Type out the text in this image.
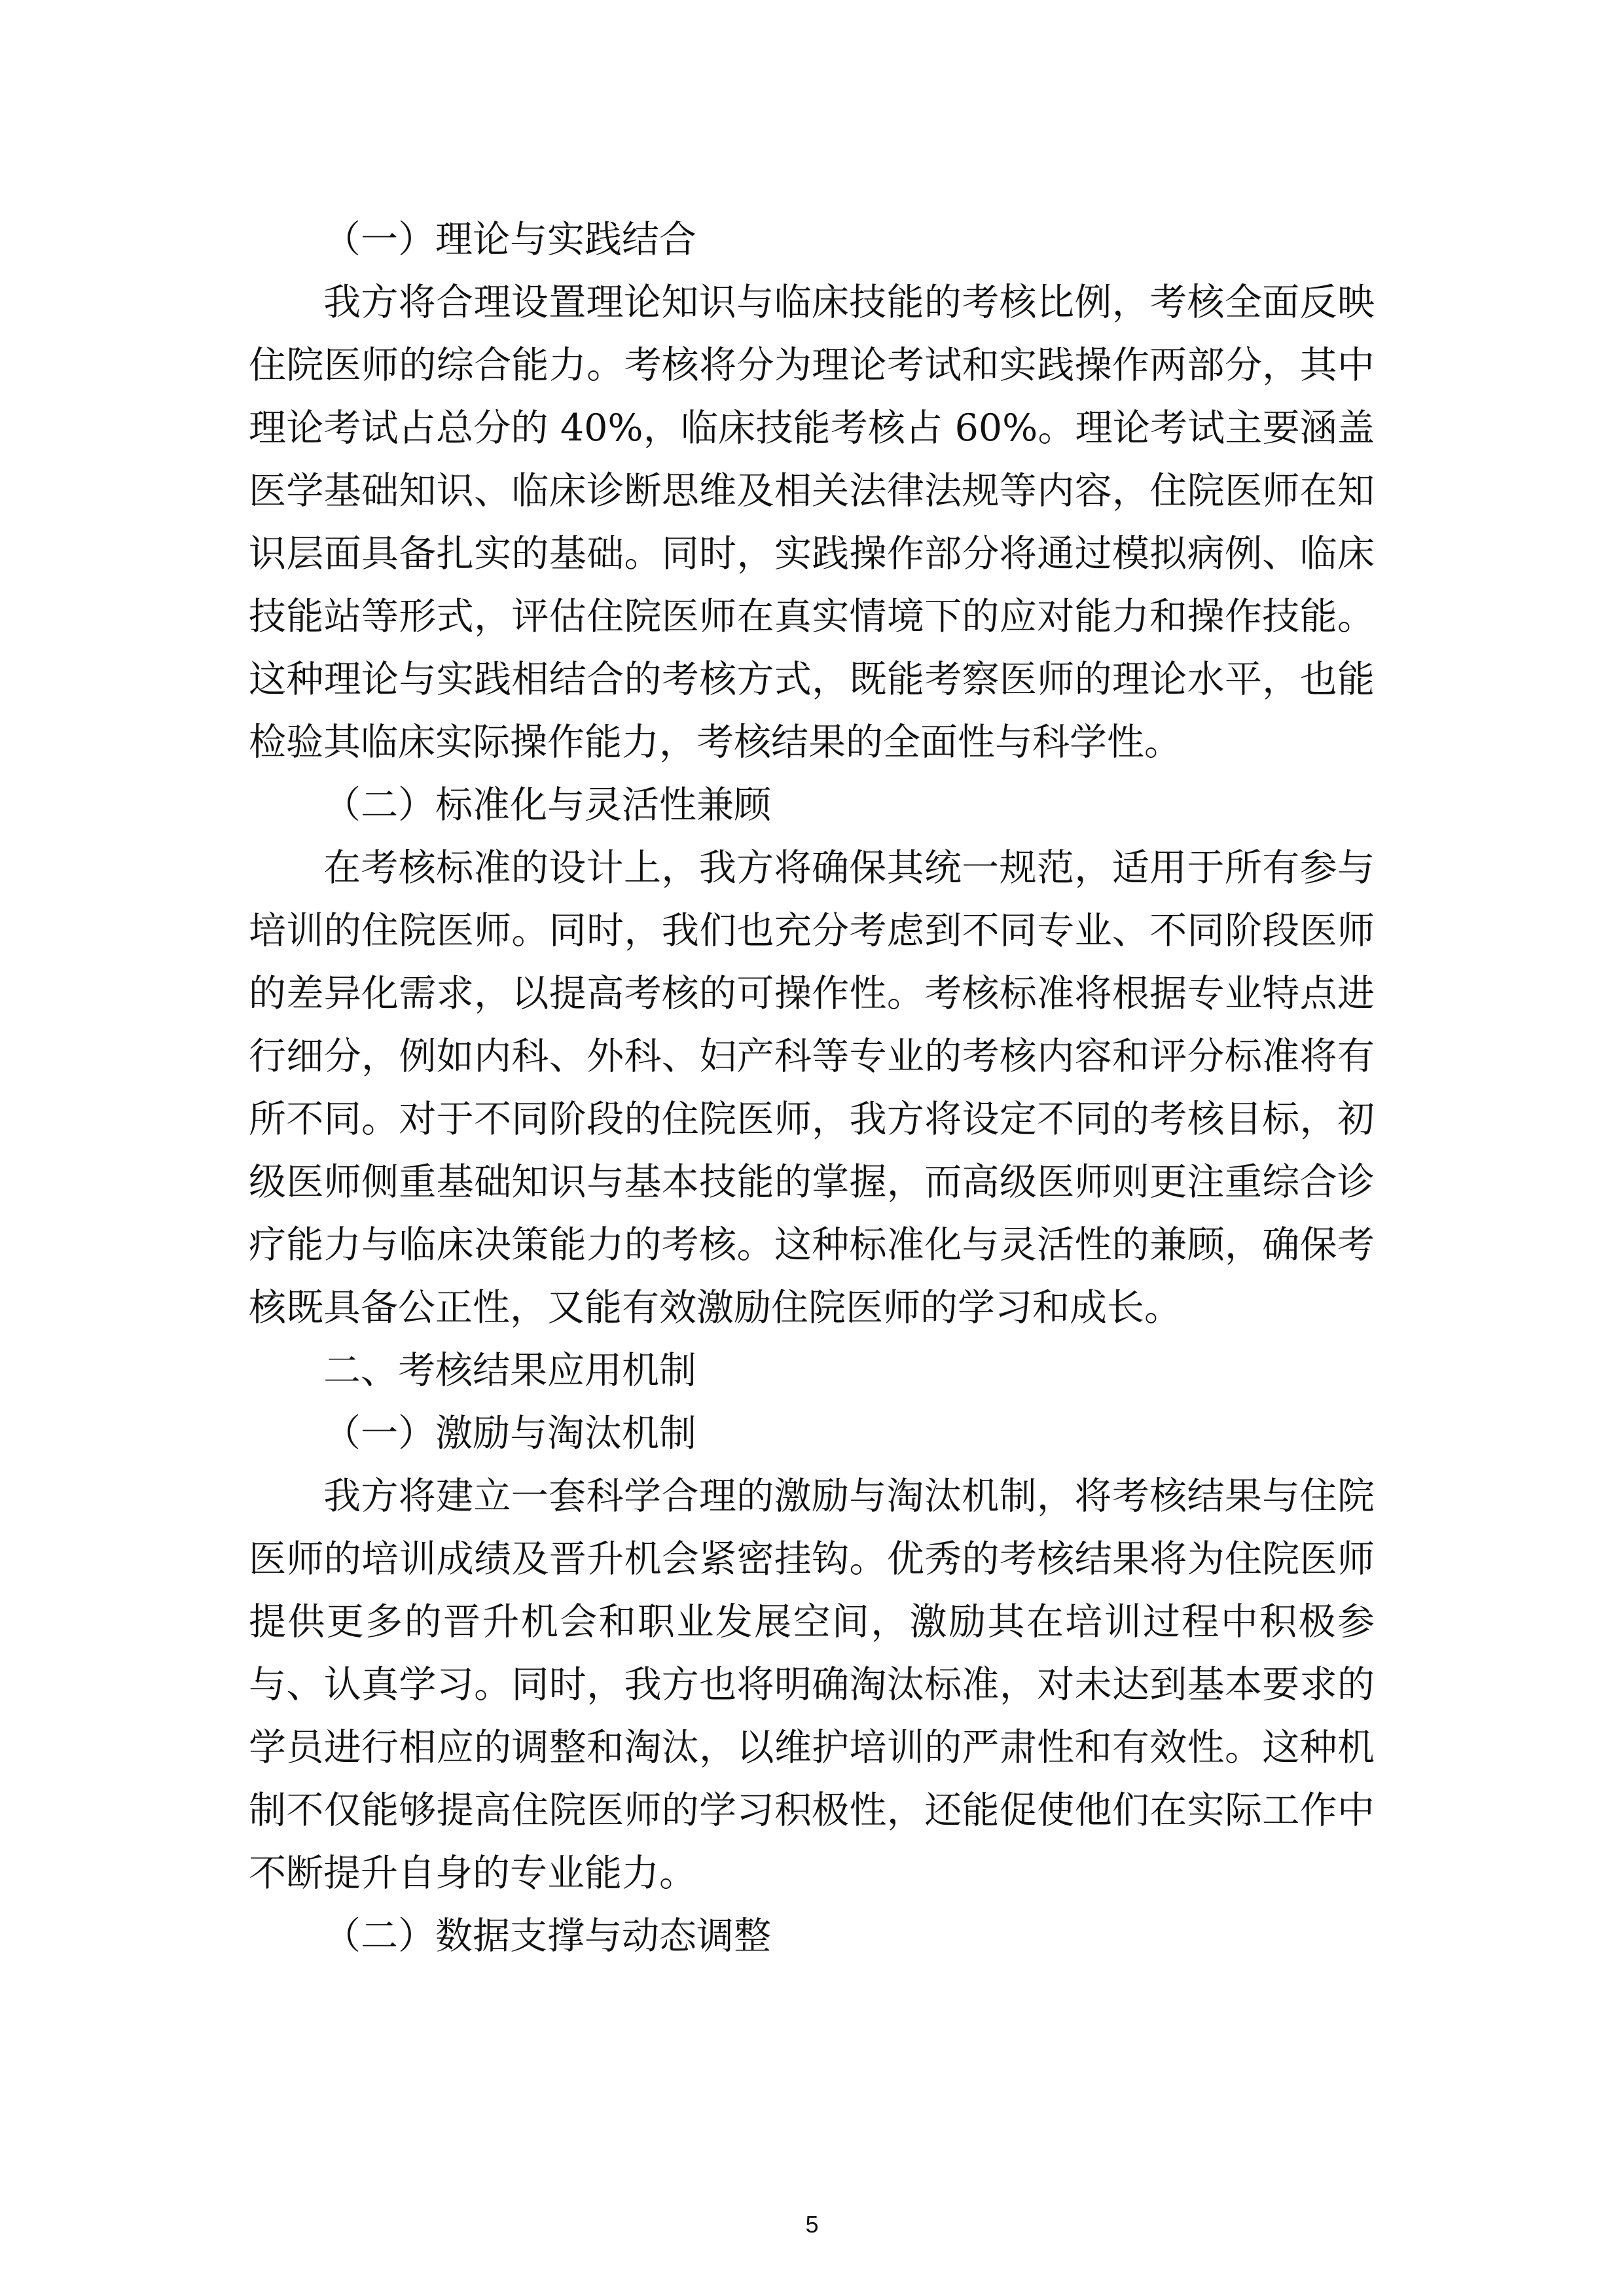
（一）理论与实践结合

我方将合理设置理论知识与临床技能的考核比例，考核全面反映住院医师的综合能力。考核将分为理论考试和实践操作两部分，其中理论考试占总分的 40%，临床技能考核占 60%。理论考试主要涵盖医学基础知识、临床诊断思维及相关法律法规等内容，住院医师在知识层面具备扎实的基础。同时，实践操作部分将通过模拟病例、临床技能站等形式，评估住院医师在真实情境下的应对能力和操作技能。这种理论与实践相结合的考核方式，既能考察医师的理论水平，也能检验其临床实际操作能力，考核结果的全面性与科学性。

（二）标准化与灵活性兼顾

在考核标准的设计上，我方将确保其统一规范，适用于所有参与培训的住院医师。同时，我们也充分考虑到不同专业、不同阶段医师的差异化需求，以提高考核的可操作性。考核标准将根据专业特点进行细分，例如内科、外科、妇产科等专业的考核内容和评分标准将有所不同。对于不同阶段的住院医师，我方将设定不同的考核目标，初级医师侧重基础知识与基本技能的掌握，而高级医师则更注重综合诊疗能力与临床决策能力的考核。这种标准化与灵活性的兼顾，确保考核既具备公正性，又能有效激励住院医师的学习和成长。

二、考核结果应用机制

（一）激励与淘汰机制

我方将建立一套科学合理的激励与淘汰机制，将考核结果与住院医师的培训成绩及晋升机会紧密挂钩。优秀的考核结果将为住院医师提供更多的晋升机会和职业发展空间，激励其在培训过程中积极参与、认真学习。同时，我方也将明确淘汰标准，对未达到基本要求的学员进行相应的调整和淘汰，以维护培训的严肃性和有效性。这种机制不仅能够提高住院医师的学习积极性，还能促使他们在实际工作中不断提升自身的专业能力。

（二）数据支撑与动态调整

5
